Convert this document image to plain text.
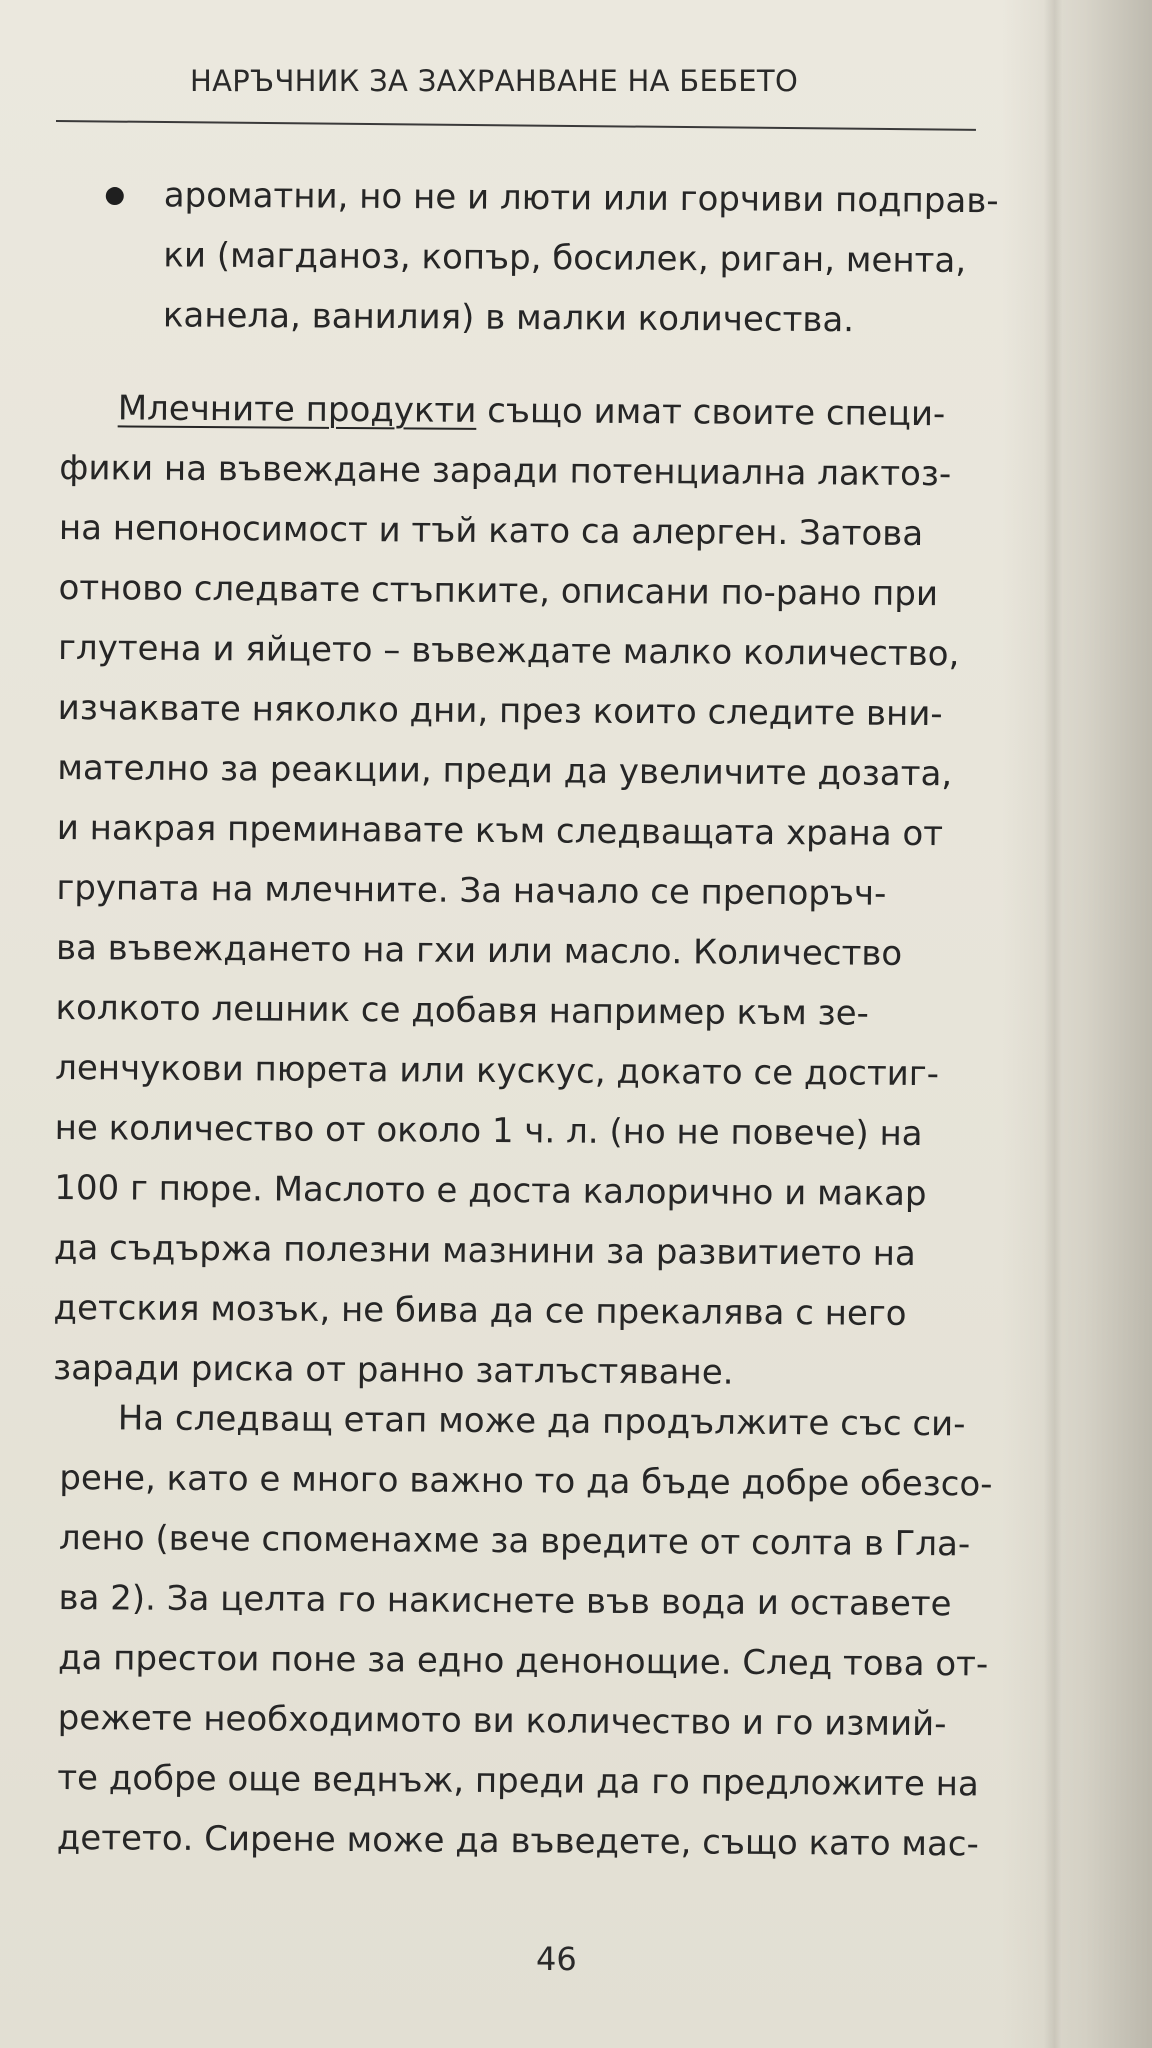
НАРЪЧНИК ЗА ЗАХРАНВАНЕ НА БЕБЕТО
ароматни, но не и люти или горчиви подправ-
ки (магданоз, копър, босилек, риган, мента,
канела, ванилия) в малки количества.
Млечните продукти също имат своите специ-
фики на въвеждане заради потенциална лактоз-
на непоносимост и тъй като са алерген. Затова
отново следвате стъпките, описани по-рано при
глутена и яйцето – въвеждате малко количество,
изчаквате няколко дни, през които следите вни-
мателно за реакции, преди да увеличите дозата,
и накрая преминавате към следващата храна от
групата на млечните. За начало се препоръч-
ва въвеждането на гхи или масло. Количество
колкото лешник се добавя например към зе-
ленчукови пюрета или кускус, докато се достиг-
не количество от около 1 ч. л. (но не повече) на
100 г пюре. Маслото е доста калорично и макар
да съдържа полезни мазнини за развитието на
детския мозък, не бива да се прекалява с него
заради риска от ранно затлъстяване.
На следващ етап може да продължите със си-
рене, като е много важно то да бъде добре обезсо-
лено (вече споменахме за вредите от солта в Гла-
ва 2). За целта го накиснете във вода и оставете
да престои поне за едно денонощие. След това от-
режете необходимото ви количество и го измий-
те добре още веднъж, преди да го предложите на
детето. Сирене може да въведете, също като мас-
46
